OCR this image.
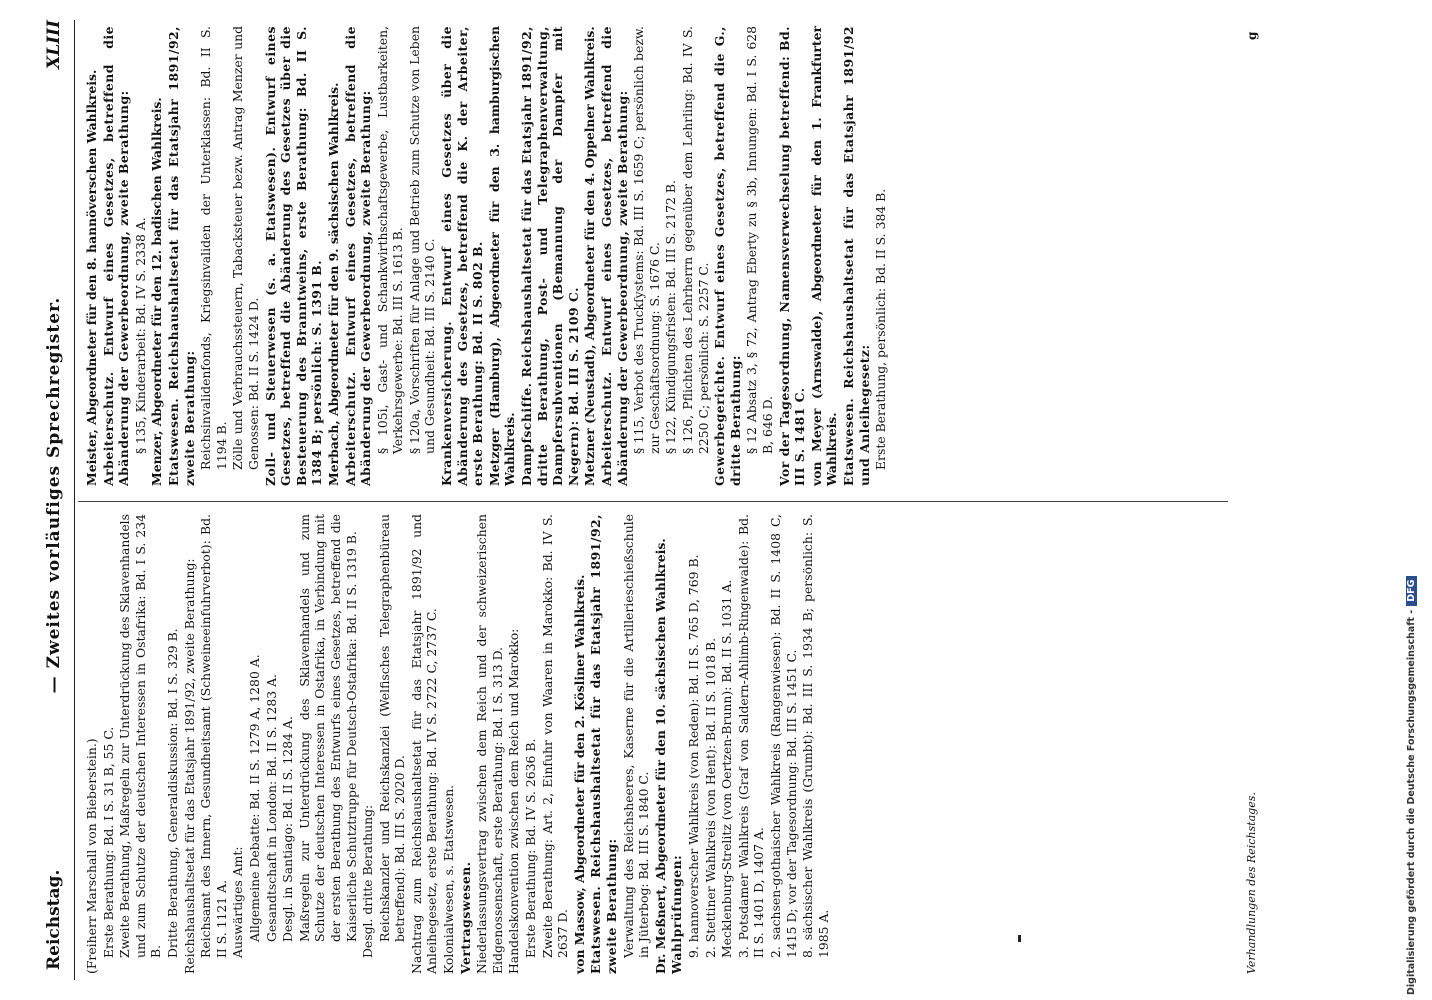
Reichstag.
— Zweites vorläufiges Sprechregister.
XLIII

(Freiherr Marschall von Bieberstein.) Erste Berathung: Bd. I S. 31 B, 55 C. Zweite Berathung, Maßregeln zur Unterdrückung des Sklavenhandels und zum Schutze der deutschen Interessen in Ostafrika: Bd. I S. 234 B. Dritte Berathung, Generaldiskussion: Bd. I S. 329 B. Reichshaushaltsetat für das Etatsjahr 1891/92, zweite Berathung: Reichsamt des Innern, Gesundheitsamt (Schweineeinfuhrverbot): Bd. II S. 1121 A. Auswärtiges Amt: Allgemeine Debatte: Bd. II S. 1279 A, 1280 A. Gesandtschaft in London: Bd. II S. 1283 A. Desgl. in Santiago: Bd. II S. 1284 A. Maßregeln zur Unterdrückung des Sklavenhandels und zum Schutze der deutschen Interessen in Ostafrika, in Verbindung mit der ersten Berathung des Entwurfs eines Gesetzes, betreffend die Kaiserliche Schutztruppe für Deutsch-Ostafrika: Bd. II S. 1319 B. Desgl. dritte Berathung: Reichskanzler und Reichskanzlei (Welfisches Telegraphenbüreau betreffend): Bd. III S. 2020 D. Nachtrag zum Reichshaushaltsetat für das Etatsjahr 1891/92 und Anleihegesetz, erste Berathung: Bd. IV S. 2722 C, 2737 C. Kolonialwesen, s. Etatswesen. Vertragswesen. Niederlassungsvertrag zwischen dem Reich und der schweizerischen Eidgenossenschaft, erste Berathung: Bd. I S. 313 D. Handelskonvention zwischen dem Reich und Marokko: Erste Berathung: Bd. IV S. 2636 B. Zweite Berathung: Art. 2, Einfuhr von Waaren in Marokko: Bd. IV S. 2637 D. von Massow, Abgeordneter für den 2. Kösliner Wahlkreis. Etatswesen. Reichshaushaltsetat für das Etatsjahr 1891/92, zweite Berathung: Verwaltung des Reichsheeres, Kaserne für die Artillerieschießschule in Jüterbog: Bd. III S. 1840 C. Dr. Meßnert, Abgeordneter für den 10. sächsischen Wahlkreis. Wahlprüfungen: 9. hannoverscher Wahlkreis (von Reden): Bd. II S. 765 D, 769 B. 2. Stettiner Wahlkreis (von Hent): Bd. II S. 1018 B. Mecklenburg-Strelitz (von Oertzen-Brunn): Bd. II S. 1031 A. 3. Potsdamer Wahlkreis (Graf von Saldern-Ahlimb-Ringenwalde): Bd. II S. 1401 D, 1407 A. 2. sachsen-gothaischer Wahlkreis (Rangenwiesen): Bd. II S. 1408 C, 1415 D; vor der Tagesordnung: Bd. III S. 1451 C. 8. sächsischer Wahlkreis (Grumbt): Bd. III S. 1934 B; persönlich: S. 1985 A.

Meister, Abgeordneter für den 8. hannöverschen Wahlkreis. Arbeiterschutz. Entwurf eines Gesetzes, betreffend die Abänderung der Gewerbeordnung, zweite Berathung: § 135, Kinderarbeit: Bd. IV S. 2338 A. Menzer, Abgeordneter für den 12. badischen Wahlkreis. Etatswesen. Reichshaushaltsetat für das Etatsjahr 1891/92, zweite Berathung: Reichsinvalidenfonds, Kriegsinvaliden der Unterklassen: Bd. II S. 1194 B. Zölle und Verbrauchssteuern, Tabacksteuer bezw. Antrag Menzer und Genossen: Bd. II S. 1424 D. Zoll- und Steuerwesen (s. a. Etatswesen). Entwurf eines Gesetzes, betreffend die Abänderung des Gesetzes über die Besteuerung des Branntweins, erste Berathung: Bd. II S. 1384 B; persönlich: S. 1391 B. Merbach, Abgeordneter für den 9. sächsischen Wahlkreis. Arbeiterschutz. Entwurf eines Gesetzes, betreffend die Abänderung der Gewerbeordnung, zweite Berathung: § 105i, Gast- und Schankwirthschaftsgewerbe, Lustbarkeiten, Verkehrsgewerbe: Bd. III S. 1613 B. § 120a, Vorschriften für Anlage und Betrieb zum Schutze von Leben und Gesundheit: Bd. III S. 2140 C. Krankenversicherung. Entwurf eines Gesetzes über die Abänderung des Gesetzes, betreffend die K. der Arbeiter, erste Berathung: Bd. II S. 802 B. Metzger (Hamburg), Abgeordneter für den 3. hamburgischen Wahlkreis. Dampfschiffe. Reichshaushaltsetat für das Etatsjahr 1891/92, dritte Berathung, Post- und Telegraphenverwaltung, Dampfersubventionen (Bemannung der Dampfer mit Negern): Bd. III S. 2109 C. Metzner (Neustadt), Abgeordneter für den 4. Oppelner Wahlkreis. Arbeiterschutz. Entwurf eines Gesetzes, betreffend die Abänderung der Gewerbeordnung, zweite Berathung: § 115, Verbot des Truckſystems: Bd. III S. 1659 C; persönlich bezw. zur Geschäftsordnung: S. 1676 C. § 122, Kündigungsfristen: Bd. III S. 2172 B. § 126, Pflichten des Lehrherrn gegenüber dem Lehrling: Bd. IV S. 2250 C; persönlich: S. 2257 C. Gewerbegerichte. Entwurf eines Gesetzes, betreffend die G., dritte Berathung: § 12 Absatz 3, § 72, Antrag Eberty zu § 3b, Innungen: Bd. I S. 628 B, 646 D. Vor der Tagesordnung, Namensverwechselung betreffend: Bd. III S. 1481 C. von Meyer (Arnswalde), Abgeordneter für den 1. Frankfurter Wahlkreis. Etatswesen. Reichshaushaltsetat für das Etatsjahr 1891/92 und Anleihegesetz: Erste Berathung, persönlich: Bd. II S. 384 B.

Verhandlungen des Reichstages.
g
Digitalisierung gefördert durch die Deutsche Forschungsgemeinschaft -DFG
